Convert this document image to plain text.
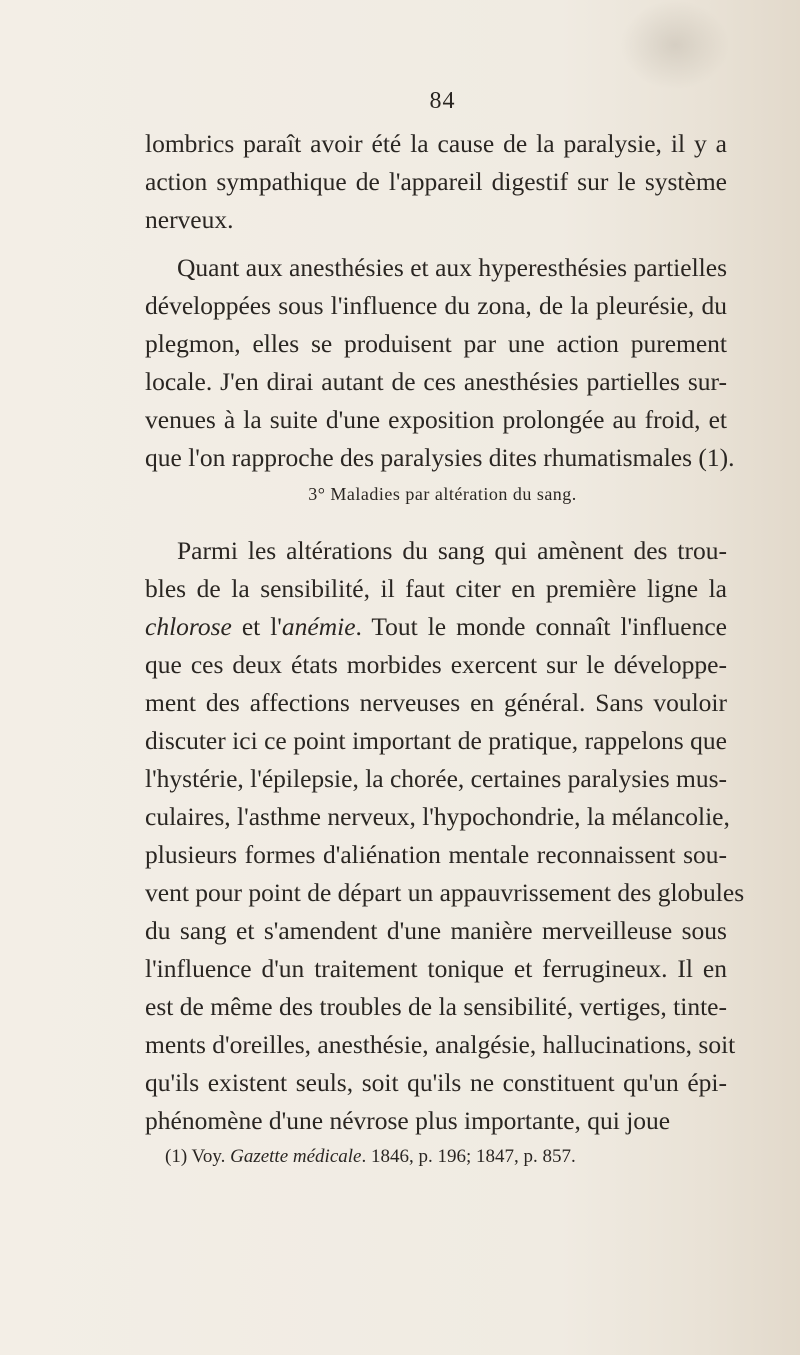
84
lombrics paraît avoir été la cause de la paralysie, il y a
action sympathique de l'appareil digestif sur le système
nerveux.
Quant aux anesthésies et aux hyperesthésies partielles
développées sous l'influence du zona, de la pleurésie, du
plegmon, elles se produisent par une action purement
locale. J'en dirai autant de ces anesthésies partielles sur-
venues à la suite d'une exposition prolongée au froid, et
que l'on rapproche des paralysies dites rhumatismales (1).
3° Maladies par altération du sang.
Parmi les altérations du sang qui amènent des trou-
bles de la sensibilité, il faut citer en première ligne la
chlorose et l'anémie. Tout le monde connaît l'influence
que ces deux états morbides exercent sur le développe-
ment des affections nerveuses en général. Sans vouloir
discuter ici ce point important de pratique, rappelons que
l'hystérie, l'épilepsie, la chorée, certaines paralysies mus-
culaires, l'asthme nerveux, l'hypochondrie, la mélancolie,
plusieurs formes d'aliénation mentale reconnaissent sou-
vent pour point de départ un appauvrissement des globules
du sang et s'amendent d'une manière merveilleuse sous
l'influence d'un traitement tonique et ferrugineux. Il en
est de même des troubles de la sensibilité, vertiges, tinte-
ments d'oreilles, anesthésie, analgésie, hallucinations, soit
qu'ils existent seuls, soit qu'ils ne constituent qu'un épi-
phénomène d'une névrose plus importante, qui joue
(1) Voy. Gazette médicale. 1846, p. 196; 1847, p. 857.
